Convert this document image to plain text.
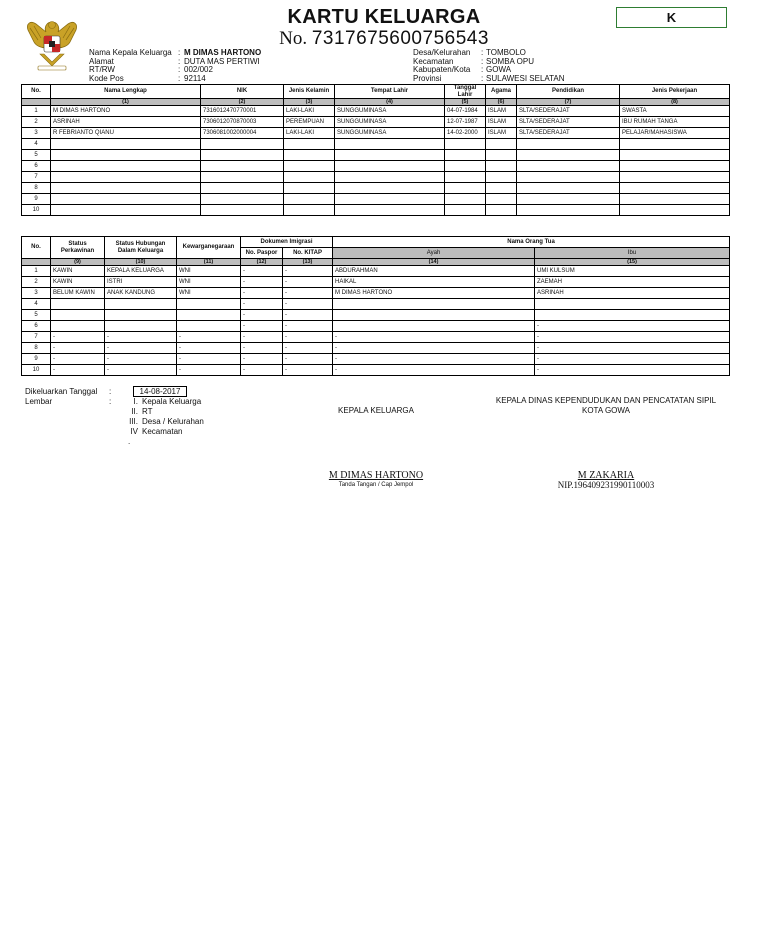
KARTU KELUARGA
No. 7317675600756543
K
Nama Kepala Keluarga : M DIMAS HARTONO
Alamat	: DUTA MAS PERTIWI
RT/RW	: 002/002
Kode Pos	: 92114
Desa/Kelurahan	: TOMBOLO
Kecamatan	: SOMBA OPU
Kabupaten/Kota	: GOWA
Provinsi	: SULAWESI SELATAN
No.	Nama Lengkap	NIK	Jenis Kelamin	Tempat Lahir	Tanggal Lahir	Agama	Pendidikan	Jenis Pekerjaan
	(1)	(2)	(3)	(4)	(5)	(6)	(7)	(8)
1	M DIMAS HARTONO	7316012470770001	LAKI-LAKI	SUNGGUMINASA	04-07-1984	ISLAM	SLTA/SEDERAJAT	SWASTA
2	ASRINAH	7306012070870003	PEREMPUAN	SUNGGUMINASA	12-07-1987	ISLAM	SLTA/SEDERAJAT	IBU RUMAH TANGA
3	R FEBRIANTO QIANU	7306081002000004	LAKI-LAKI	SUNGGUMINASA	14-02-2000	ISLAM	SLTA/SEDERAJAT	PELAJAR/MAHASISWA
4								
5								
6								
7								
8								
9								
10								
No.	Status Perkawinan	Status Hubungan Dalam Keluarga	Kewarganegaraan	Dokumen Imigrasi		Nama Orang Tua	
				No. Paspor	No. KITAP	Ayah	Ibu
	(9)	(10)	(11)	(12)	(13)	(14)	(15)
1	KAWIN	KEPALA KELUARGA	WNI	-	-	ABDURAHMAN	UMI KULSUM
2	KAWIN	ISTRI	WNI	-	-	HAIKAL	ZAEMAH
3	BELUM KAWIN	ANAK KANDUNG	WNI	-	-	M DIMAS HARTONO	ASRINAH
4				-	-		
5				-	-		
6				-	-		-
7	-	-	-	-	-	-	-
8	-	-	-	-	-	-	-
9	-	-	-	-	-	-	-
10	-	-	-	-	-	-	-
Dikeluarkan Tanggal :	14-08-2017
Lembar	:	I. Kepala Keluarga
II. RT
III. Desa / Kelurahan
IV Kecamatan
.
KEPALA KELUARGA
M DIMAS HARTONO
Tanda Tangan / Cap Jempol
KEPALA DINAS KEPENDUDUKAN DAN PENCATATAN SIPIL
KOTA GOWA
M ZAKARIA
NIP.196409231990110003
